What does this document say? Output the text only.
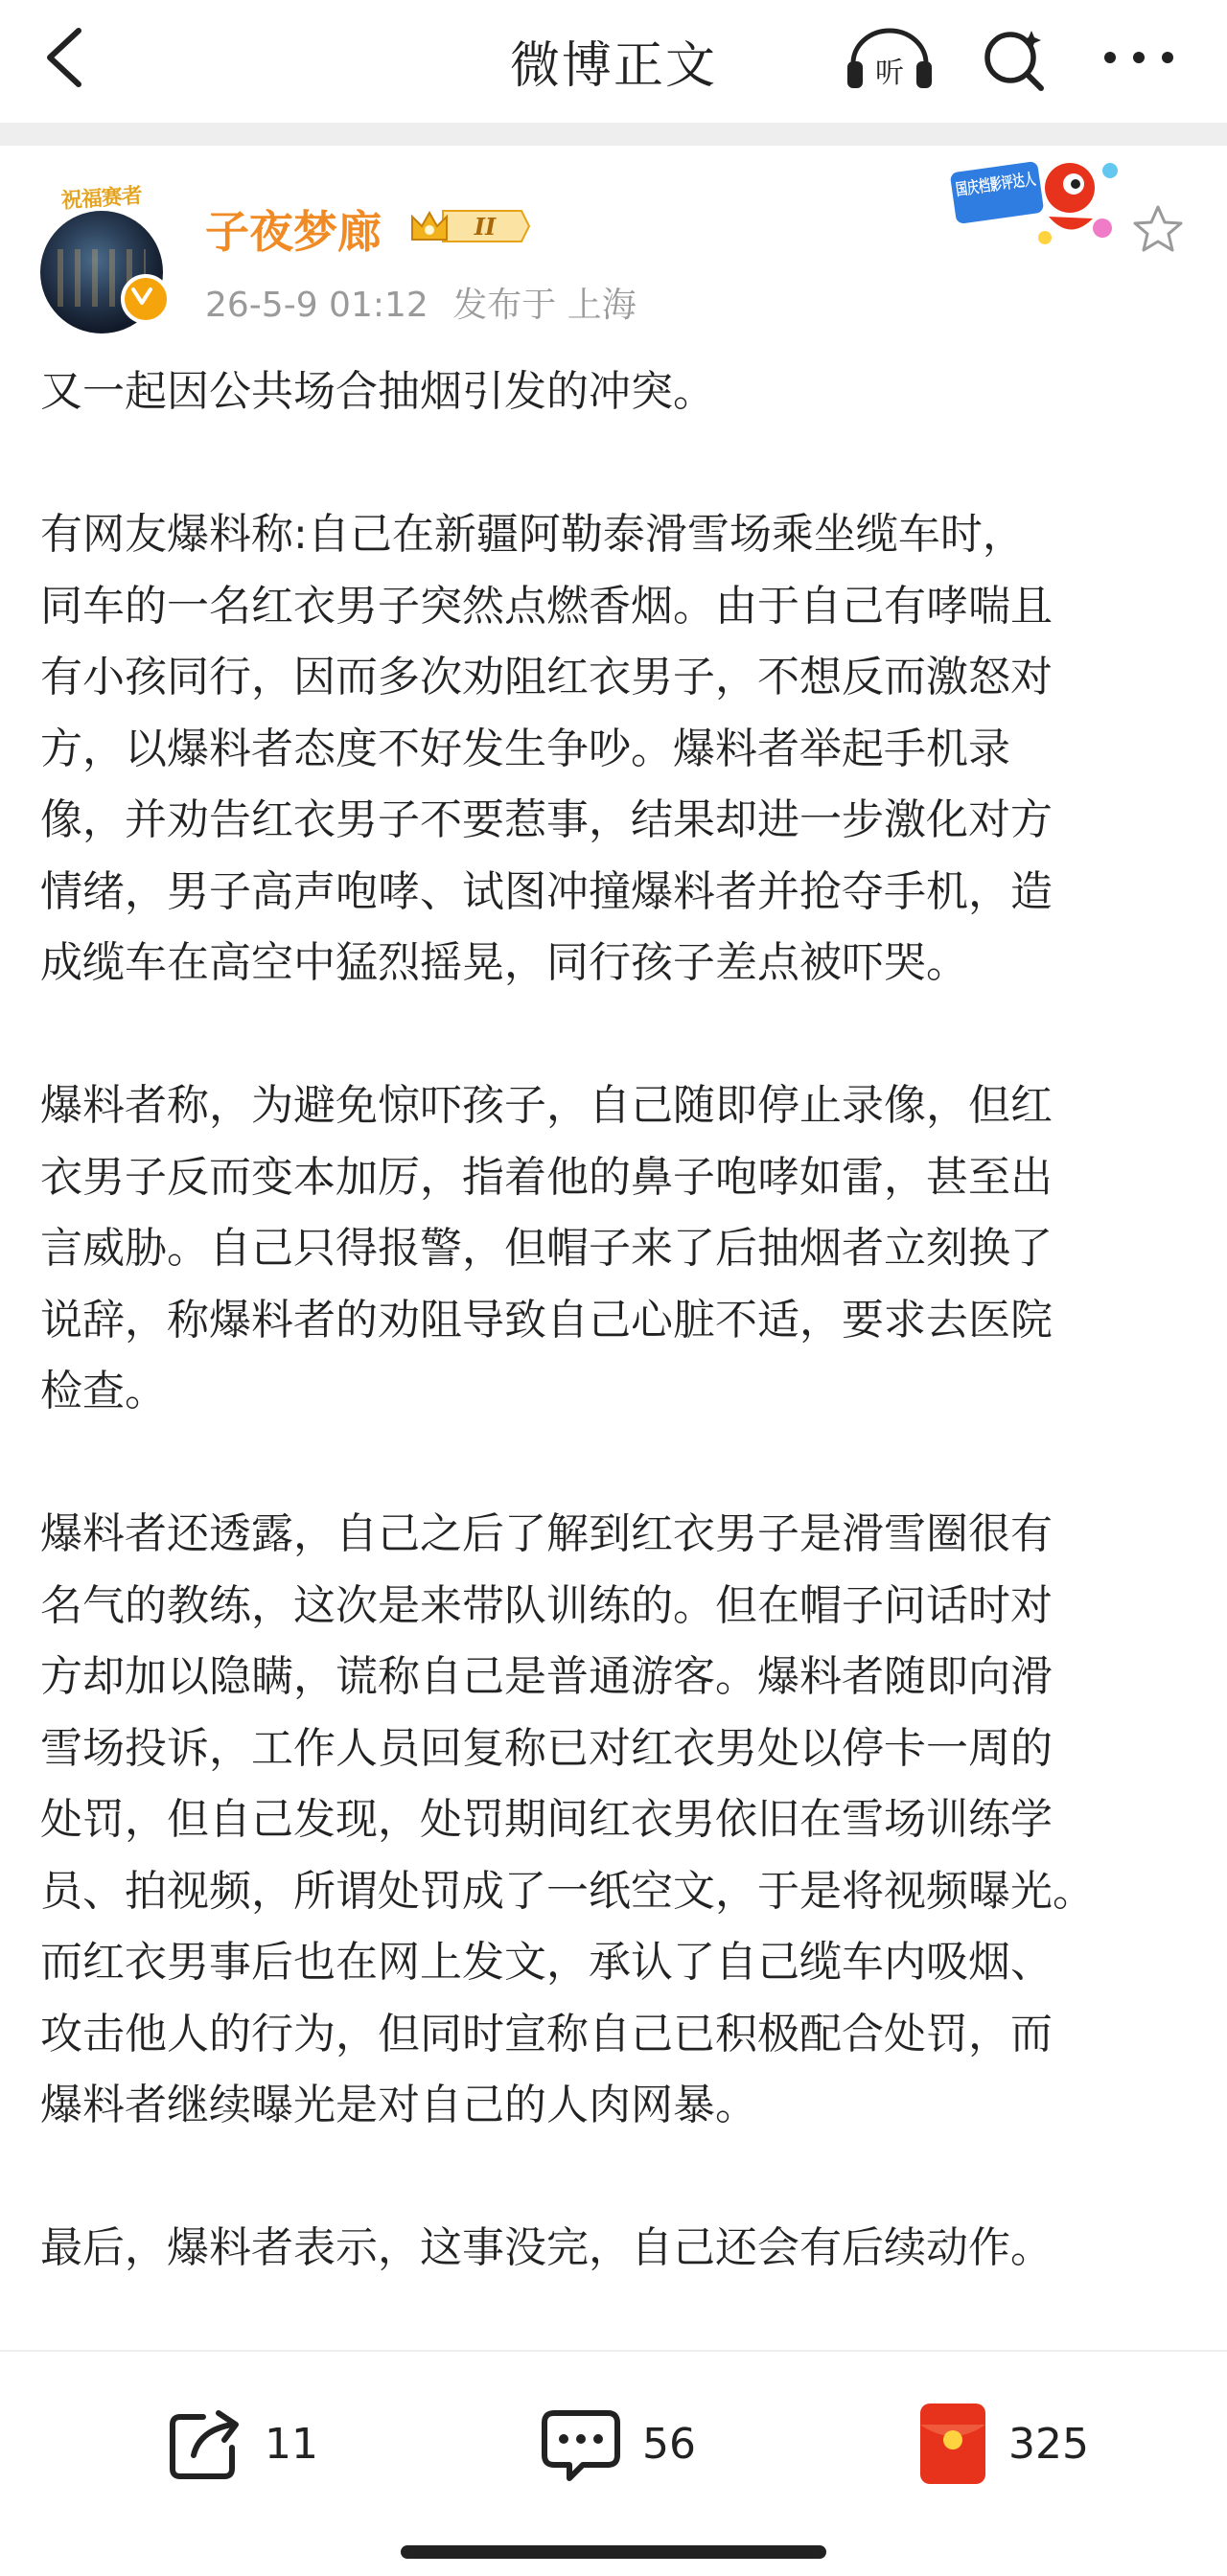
微博正文	听
祝福赛者
子夜梦廊	II
26-5-9 01:12 发布于 上海
国庆档影评达人

又一起因公共场合抽烟引发的冲突。

有网友爆料称:自己在新疆阿勒泰滑雪场乘坐缆车时，
同车的一名红衣男子突然点燃香烟。由于自己有哮喘且
有小孩同行，因而多次劝阻红衣男子，不想反而激怒对
方，以爆料者态度不好发生争吵。爆料者举起手机录
像，并劝告红衣男子不要惹事，结果却进一步激化对方
情绪，男子高声咆哮、试图冲撞爆料者并抢夺手机，造
成缆车在高空中猛烈摇晃，同行孩子差点被吓哭。

爆料者称，为避免惊吓孩子，自己随即停止录像，但红
衣男子反而变本加厉，指着他的鼻子咆哮如雷，甚至出
言威胁。自己只得报警，但帽子来了后抽烟者立刻换了
说辞，称爆料者的劝阻导致自己心脏不适，要求去医院
检查。

爆料者还透露，自己之后了解到红衣男子是滑雪圈很有
名气的教练，这次是来带队训练的。但在帽子问话时对
方却加以隐瞒，谎称自己是普通游客。爆料者随即向滑
雪场投诉，工作人员回复称已对红衣男处以停卡一周的
处罚，但自己发现，处罚期间红衣男依旧在雪场训练学
员、拍视频，所谓处罚成了一纸空文，于是将视频曝光。
而红衣男事后也在网上发文，承认了自己缆车内吸烟、
攻击他人的行为，但同时宣称自己已积极配合处罚，而
爆料者继续曝光是对自己的人肉网暴。

最后，爆料者表示，这事没完，自己还会有后续动作。

11	56	325
